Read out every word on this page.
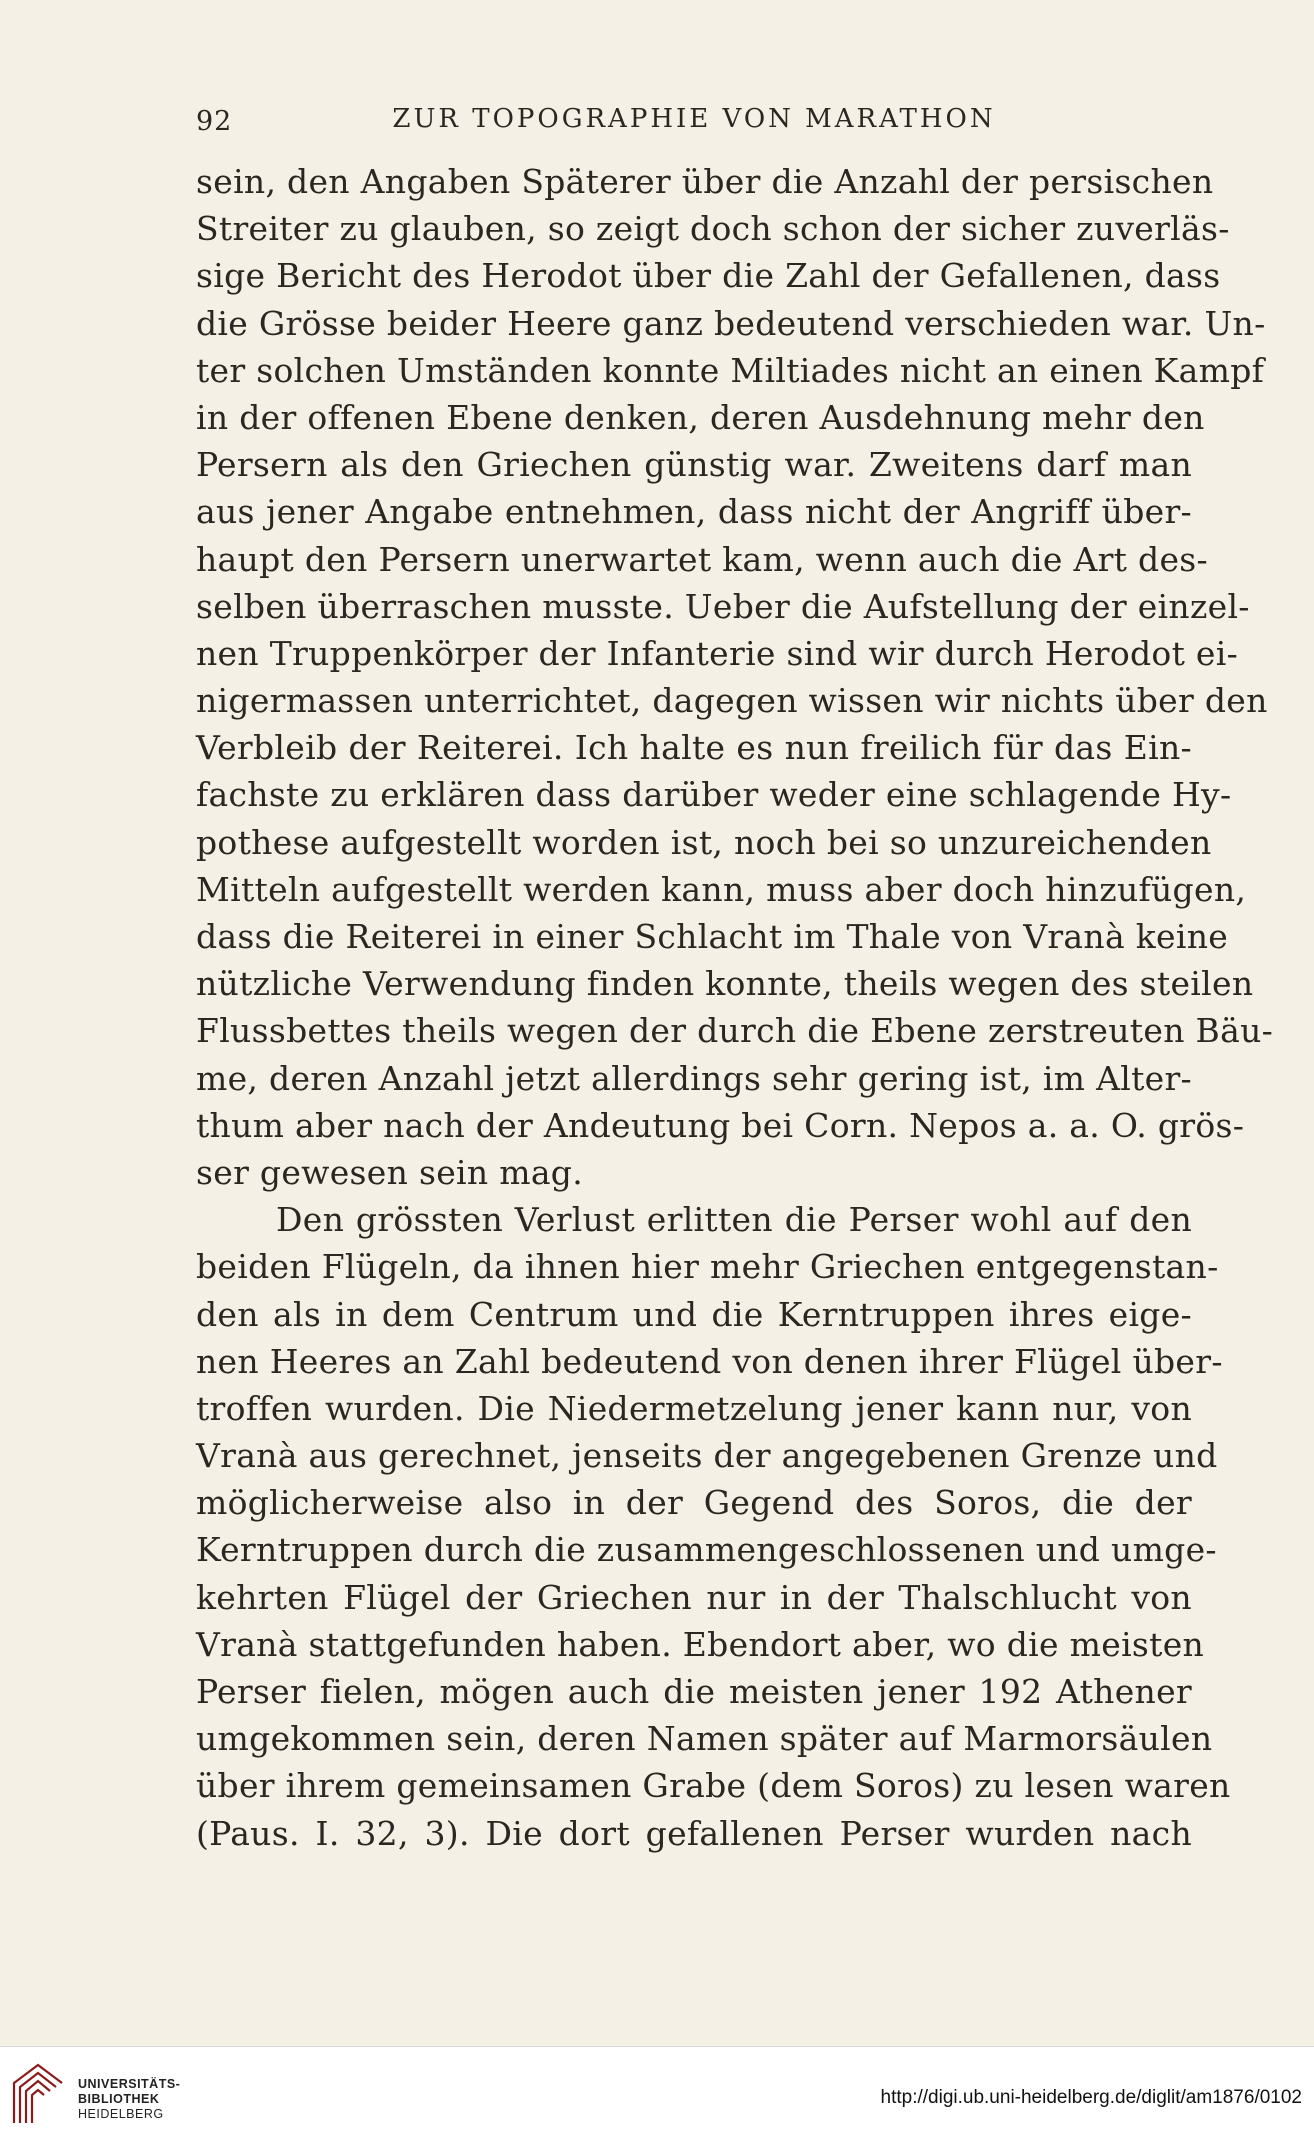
92	ZUR TOPOGRAPHIE VON MARATHON
sein, den Angaben Späterer über die Anzahl der persischen
Streiter zu glauben, so zeigt doch schon der sicher zuverläs-
sige Bericht des Herodot über die Zahl der Gefallenen, dass
die Grösse beider Heere ganz bedeutend verschieden war. Un-
ter solchen Umständen konnte Miltiades nicht an einen Kampf
in der offenen Ebene denken, deren Ausdehnung mehr den
Persern als den Griechen günstig war. Zweitens darf man
aus jener Angabe entnehmen, dass nicht der Angriff über-
haupt den Persern unerwartet kam, wenn auch die Art des-
selben überraschen musste. Ueber die Aufstellung der einzel-
nen Truppenkörper der Infanterie sind wir durch Herodot ei-
nigermassen unterrichtet, dagegen wissen wir nichts über den
Verbleib der Reiterei. Ich halte es nun freilich für das Ein-
fachste zu erklären dass darüber weder eine schlagende Hy-
pothese aufgestellt worden ist, noch bei so unzureichenden
Mitteln aufgestellt werden kann, muss aber doch hinzufügen,
dass die Reiterei in einer Schlacht im Thale von Vranà keine
nützliche Verwendung finden konnte, theils wegen des steilen
Flussbettes theils wegen der durch die Ebene zerstreuten Bäu-
me, deren Anzahl jetzt allerdings sehr gering ist, im Alter-
thum aber nach der Andeutung bei Corn. Nepos a. a. O. grös-
ser gewesen sein mag.
Den grössten Verlust erlitten die Perser wohl auf den
beiden Flügeln, da ihnen hier mehr Griechen entgegenstan-
den als in dem Centrum und die Kerntruppen ihres eige-
nen Heeres an Zahl bedeutend von denen ihrer Flügel über-
troffen wurden. Die Niedermetzelung jener kann nur, von
Vranà aus gerechnet, jenseits der angegebenen Grenze und
möglicherweise also in der Gegend des Soros, die der
Kerntruppen durch die zusammengeschlossenen und umge-
kehrten Flügel der Griechen nur in der Thalschlucht von
Vranà stattgefunden haben. Ebendort aber, wo die meisten
Perser fielen, mögen auch die meisten jener 192 Athener
umgekommen sein, deren Namen später auf Marmorsäulen
über ihrem gemeinsamen Grabe (dem Soros) zu lesen waren
(Paus. I. 32, 3). Die dort gefallenen Perser wurden nach
UNIVERSITÄTS-
BIBLIOTHEK
HEIDELBERG
http://digi.ub.uni-heidelberg.de/diglit/am1876/0102
